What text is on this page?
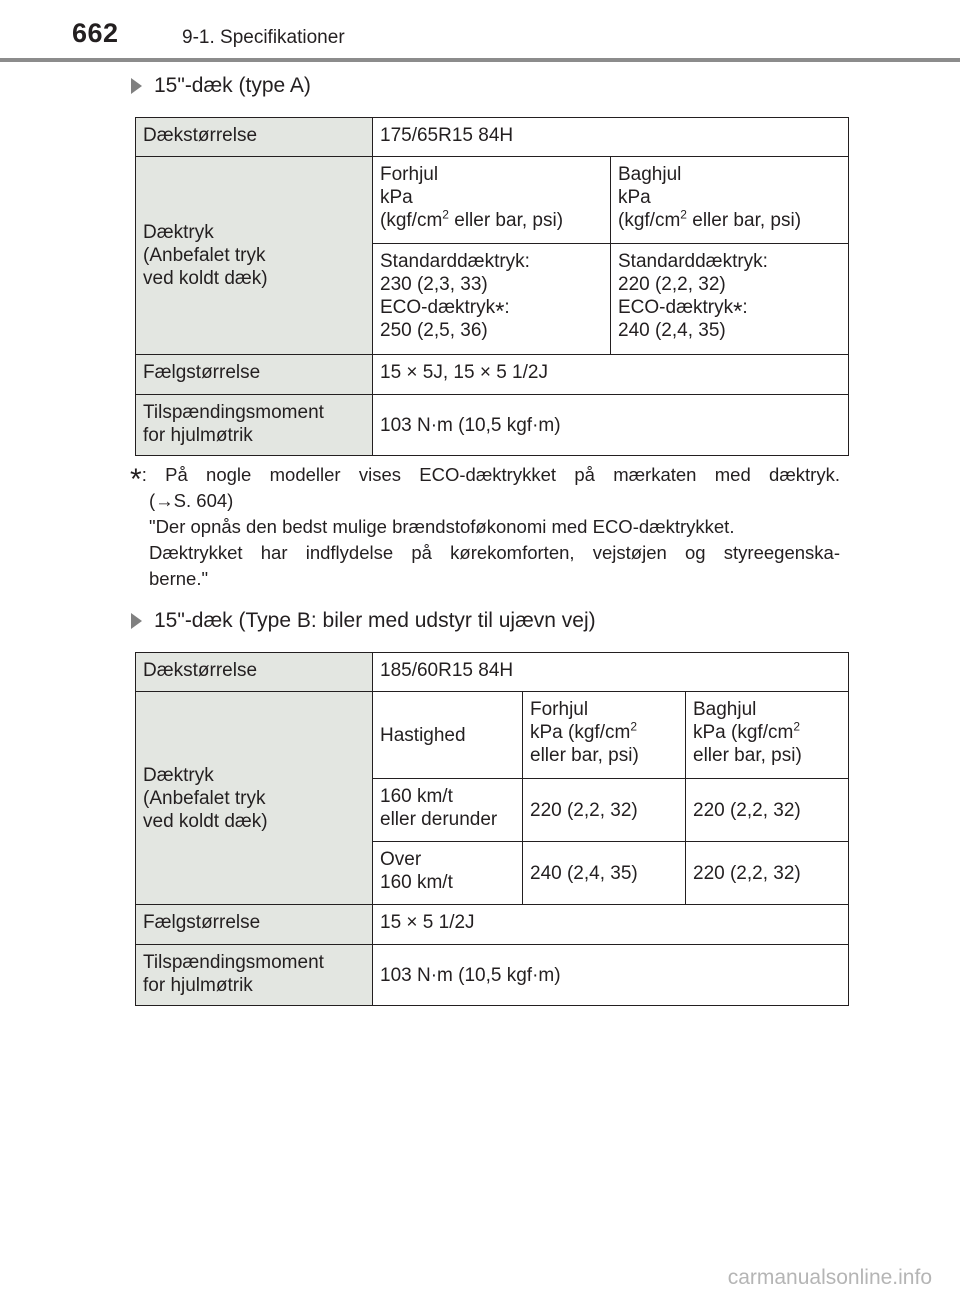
662	9-1. Specifikationer
15"-dæk (type A)
Dækstørrelse	175/65R15 84H	
Dæktryk
(Anbefalet tryk
ved koldt dæk)	Forhjul
kPa
($kgf/cm^2$ eller bar, psi)	Baghjul
kPa
($kgf/cm^2$ eller bar, psi)
	Standarddæktryk:
230 (2,3, 33)
ECO-dæktryk*:
250 (2,5, 36)	Standarddæktryk:
220 (2,2, 32)
ECO-dæktryk*:
240 (2,4, 35)
Fælgstørrelse	15 × 5J, 15 × 5 1/2J	
Tilspændingsmoment
for hjulmøtrik	103 N·m (10,5 kgf·m)	
*: På nogle modeller vises ECO-dæktrykket på mærkaten med dæktryk.
(→S. 604)
"Der opnås den bedst mulige brændstoføkonomi med ECO-dæktrykket.
Dæktrykket har indflydelse på kørekomforten, vejstøjen og styreegenska-
berne."
15"-dæk (Type B: biler med udstyr til ujævn vej)
Dækstørrelse	185/60R15 84H		
Dæktryk
(Anbefalet tryk
ved koldt dæk)	Hastighed	Forhjul
kPa ($kgf/cm^2$
eller bar, psi)	Baghjul
kPa ($kgf/cm^2$
eller bar, psi)
	160 km/t
eller derunder	220 (2,2, 32)	220 (2,2, 32)
	Over
160 km/t	240 (2,4, 35)	220 (2,2, 32)
Fælgstørrelse	15 × 5 1/2J		
Tilspændingsmoment
for hjulmøtrik	103 N·m (10,5 kgf·m)		
carmanualsonline.info
